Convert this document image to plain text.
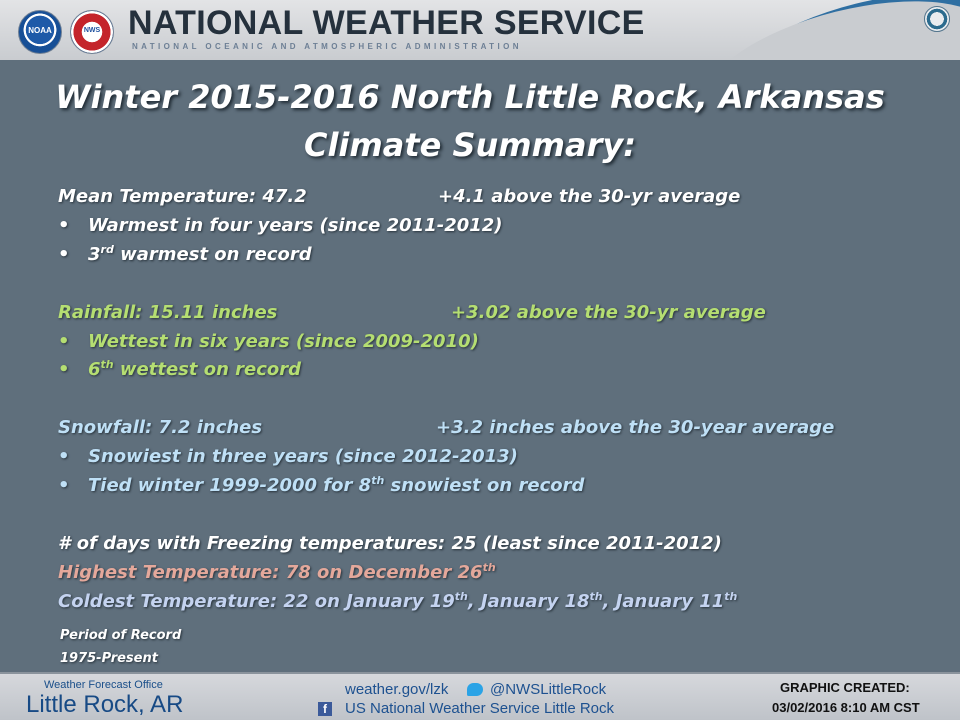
NOAA	NWS NATIONAL WEATHER SERVICE
NATIONAL OCEANIC AND ATMOSPHERIC ADMINISTRATION
Winter 2015-2016 North Little Rock, Arkansas
Climate Summary:
Mean Temperature: 47.2	+4.1 above the 30-yr average
• Warmest in four years (since 2011-2012)
• 3rd warmest on record
Rainfall: 15.11 inches	+3.02 above the 30-yr average
• Wettest in six years (since 2009-2010)
• 6th wettest on record
Snowfall: 7.2 inches	+3.2 inches above the 30-year average
• Snowiest in three years (since 2012-2013)
• Tied winter 1999-2000 for 8th snowiest on record
# of days with Freezing temperatures: 25 (least since 2011-2012)
Highest Temperature: 78 on December 26th
Coldest Temperature: 22 on January 19th, January 18th, January 11th
Period of Record
1975-Present
Weather Forecast Office
Little Rock, AR
weather.gov/lzk	@NWSLittleRock
f	US National Weather Service Little Rock
GRAPHIC CREATED:
03/02/2016 8:10 AM CST
